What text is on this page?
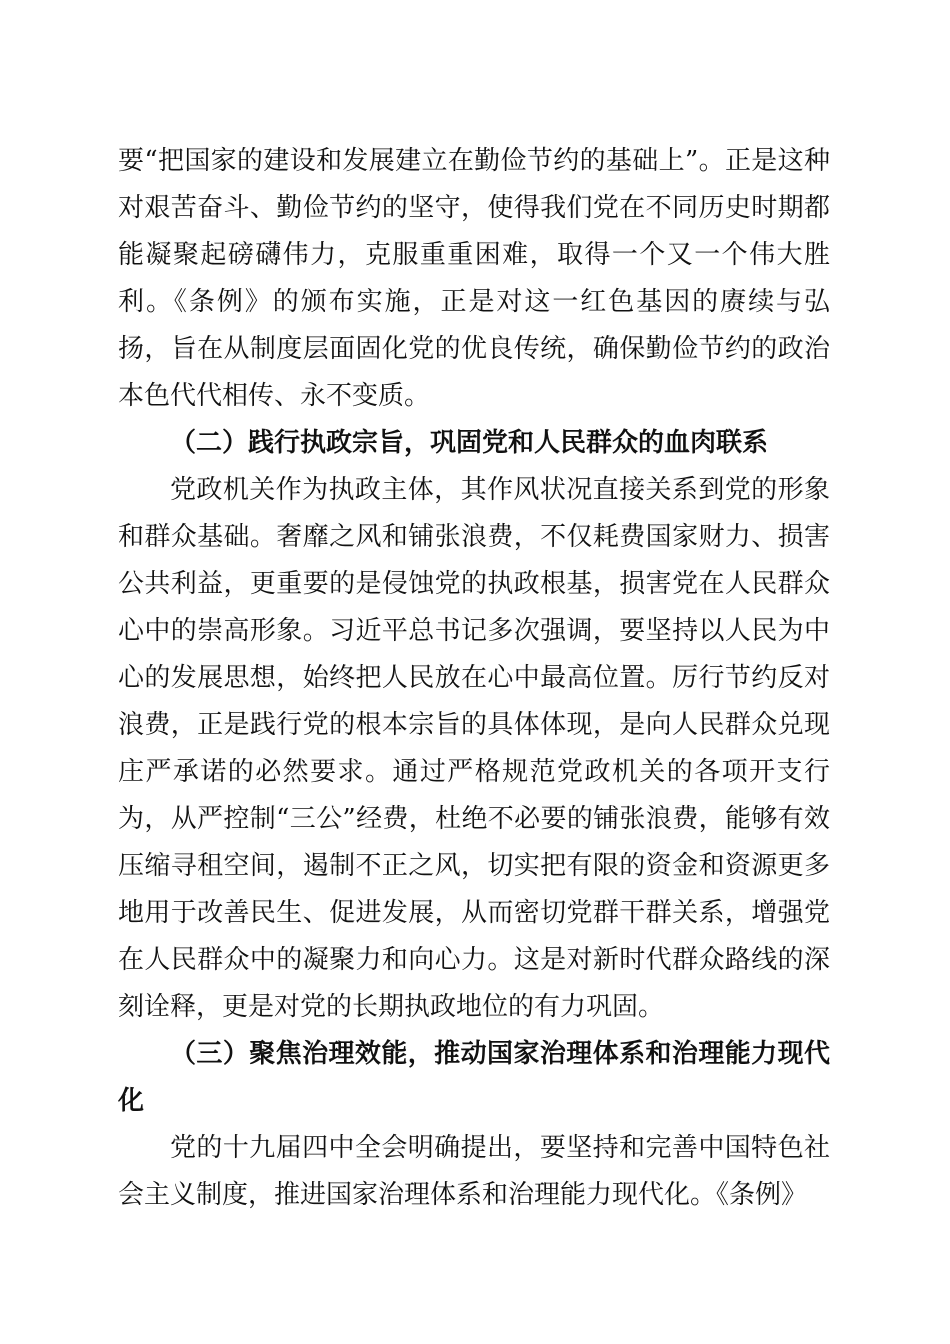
要“把国家的建设和发展建立在勤俭节约的基础上”。正是这种对艰苦奋斗、勤俭节约的坚守，使得我们党在不同历史时期都能凝聚起磅礴伟力，克服重重困难，取得一个又一个伟大胜利。《条例》的颁布实施，正是对这一红色基因的赓续与弘扬，旨在从制度层面固化党的优良传统，确保勤俭节约的政治本色代代相传、永不变质。

（二）践行执政宗旨，巩固党和人民群众的血肉联系

党政机关作为执政主体，其作风状况直接关系到党的形象和群众基础。奢靡之风和铺张浪费，不仅耗费国家财力、损害公共利益，更重要的是侵蚀党的执政根基，损害党在人民群众心中的崇高形象。习近平总书记多次强调，要坚持以人民为中心的发展思想，始终把人民放在心中最高位置。厉行节约反对浪费，正是践行党的根本宗旨的具体体现，是向人民群众兑现庄严承诺的必然要求。通过严格规范党政机关的各项开支行为，从严控制“三公”经费，杜绝不必要的铺张浪费，能够有效压缩寻租空间，遏制不正之风，切实把有限的资金和资源更多地用于改善民生、促进发展，从而密切党群干群关系，增强党在人民群众中的凝聚力和向心力。这是对新时代群众路线的深刻诠释，更是对党的长期执政地位的有力巩固。

（三）聚焦治理效能，推动国家治理体系和治理能力现代化

党的十九届四中全会明确提出，要坚持和完善中国特色社会主义制度，推进国家治理体系和治理能力现代化。《条例》
